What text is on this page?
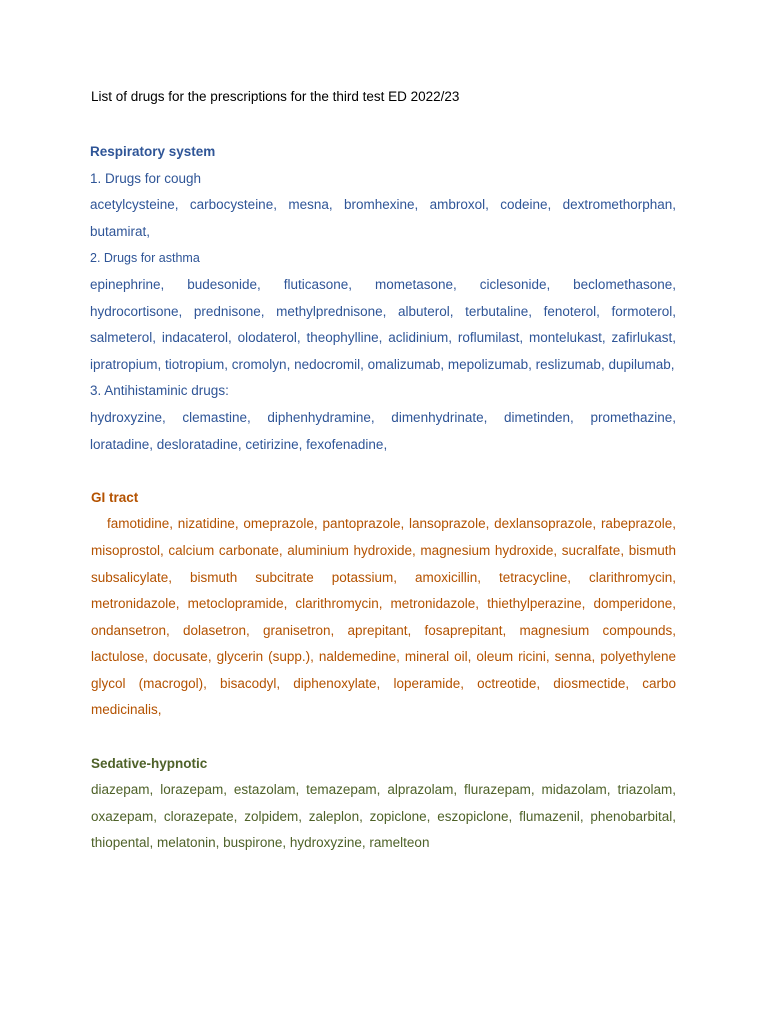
List of drugs for the prescriptions for the third test ED 2022/23

Respiratory system

1. Drugs for cough

acetylcysteine, carbocysteine, mesna, bromhexine, ambroxol, codeine, dextromethorphan, butamirat,

2. Drugs for asthma

epinephrine, budesonide, fluticasone, mometasone, ciclesonide, beclomethasone, hydrocortisone, prednisone, methylprednisone, albuterol, terbutaline, fenoterol, formoterol, salmeterol, indacaterol, olodaterol, theophylline, aclidinium, roflumilast, montelukast, zafirlukast, ipratropium, tiotropium, cromolyn, nedocromil, omalizumab, mepolizumab, reslizumab, dupilumab,

3. Antihistaminic drugs:

hydroxyzine, clemastine, diphenhydramine, dimenhydrinate, dimetinden, promethazine, loratadine, desloratadine, cetirizine, fexofenadine,

GI tract

famotidine, nizatidine, omeprazole, pantoprazole, lansoprazole, dexlansoprazole, rabeprazole, misoprostol, calcium carbonate, aluminium hydroxide, magnesium hydroxide, sucralfate, bismuth subsalicylate, bismuth subcitrate potassium, amoxicillin, tetracycline, clarithromycin, metronidazole, metoclopramide, clarithromycin, metronidazole, thiethylperazine, domperidone, ondansetron, dolasetron, granisetron, aprepitant, fosaprepitant, magnesium compounds, lactulose, docusate, glycerin (supp.), naldemedine, mineral oil, oleum ricini, senna, polyethylene glycol (macrogol), bisacodyl, diphenoxylate, loperamide, octreotide, diosmectide, carbo medicinalis,

Sedative-hypnotic

diazepam, lorazepam, estazolam, temazepam, alprazolam, flurazepam, midazolam, triazolam, oxazepam, clorazepate, zolpidem, zaleplon, zopiclone, eszopiclone, flumazenil, phenobarbital, thiopental, melatonin, buspirone, hydroxyzine, ramelteon
